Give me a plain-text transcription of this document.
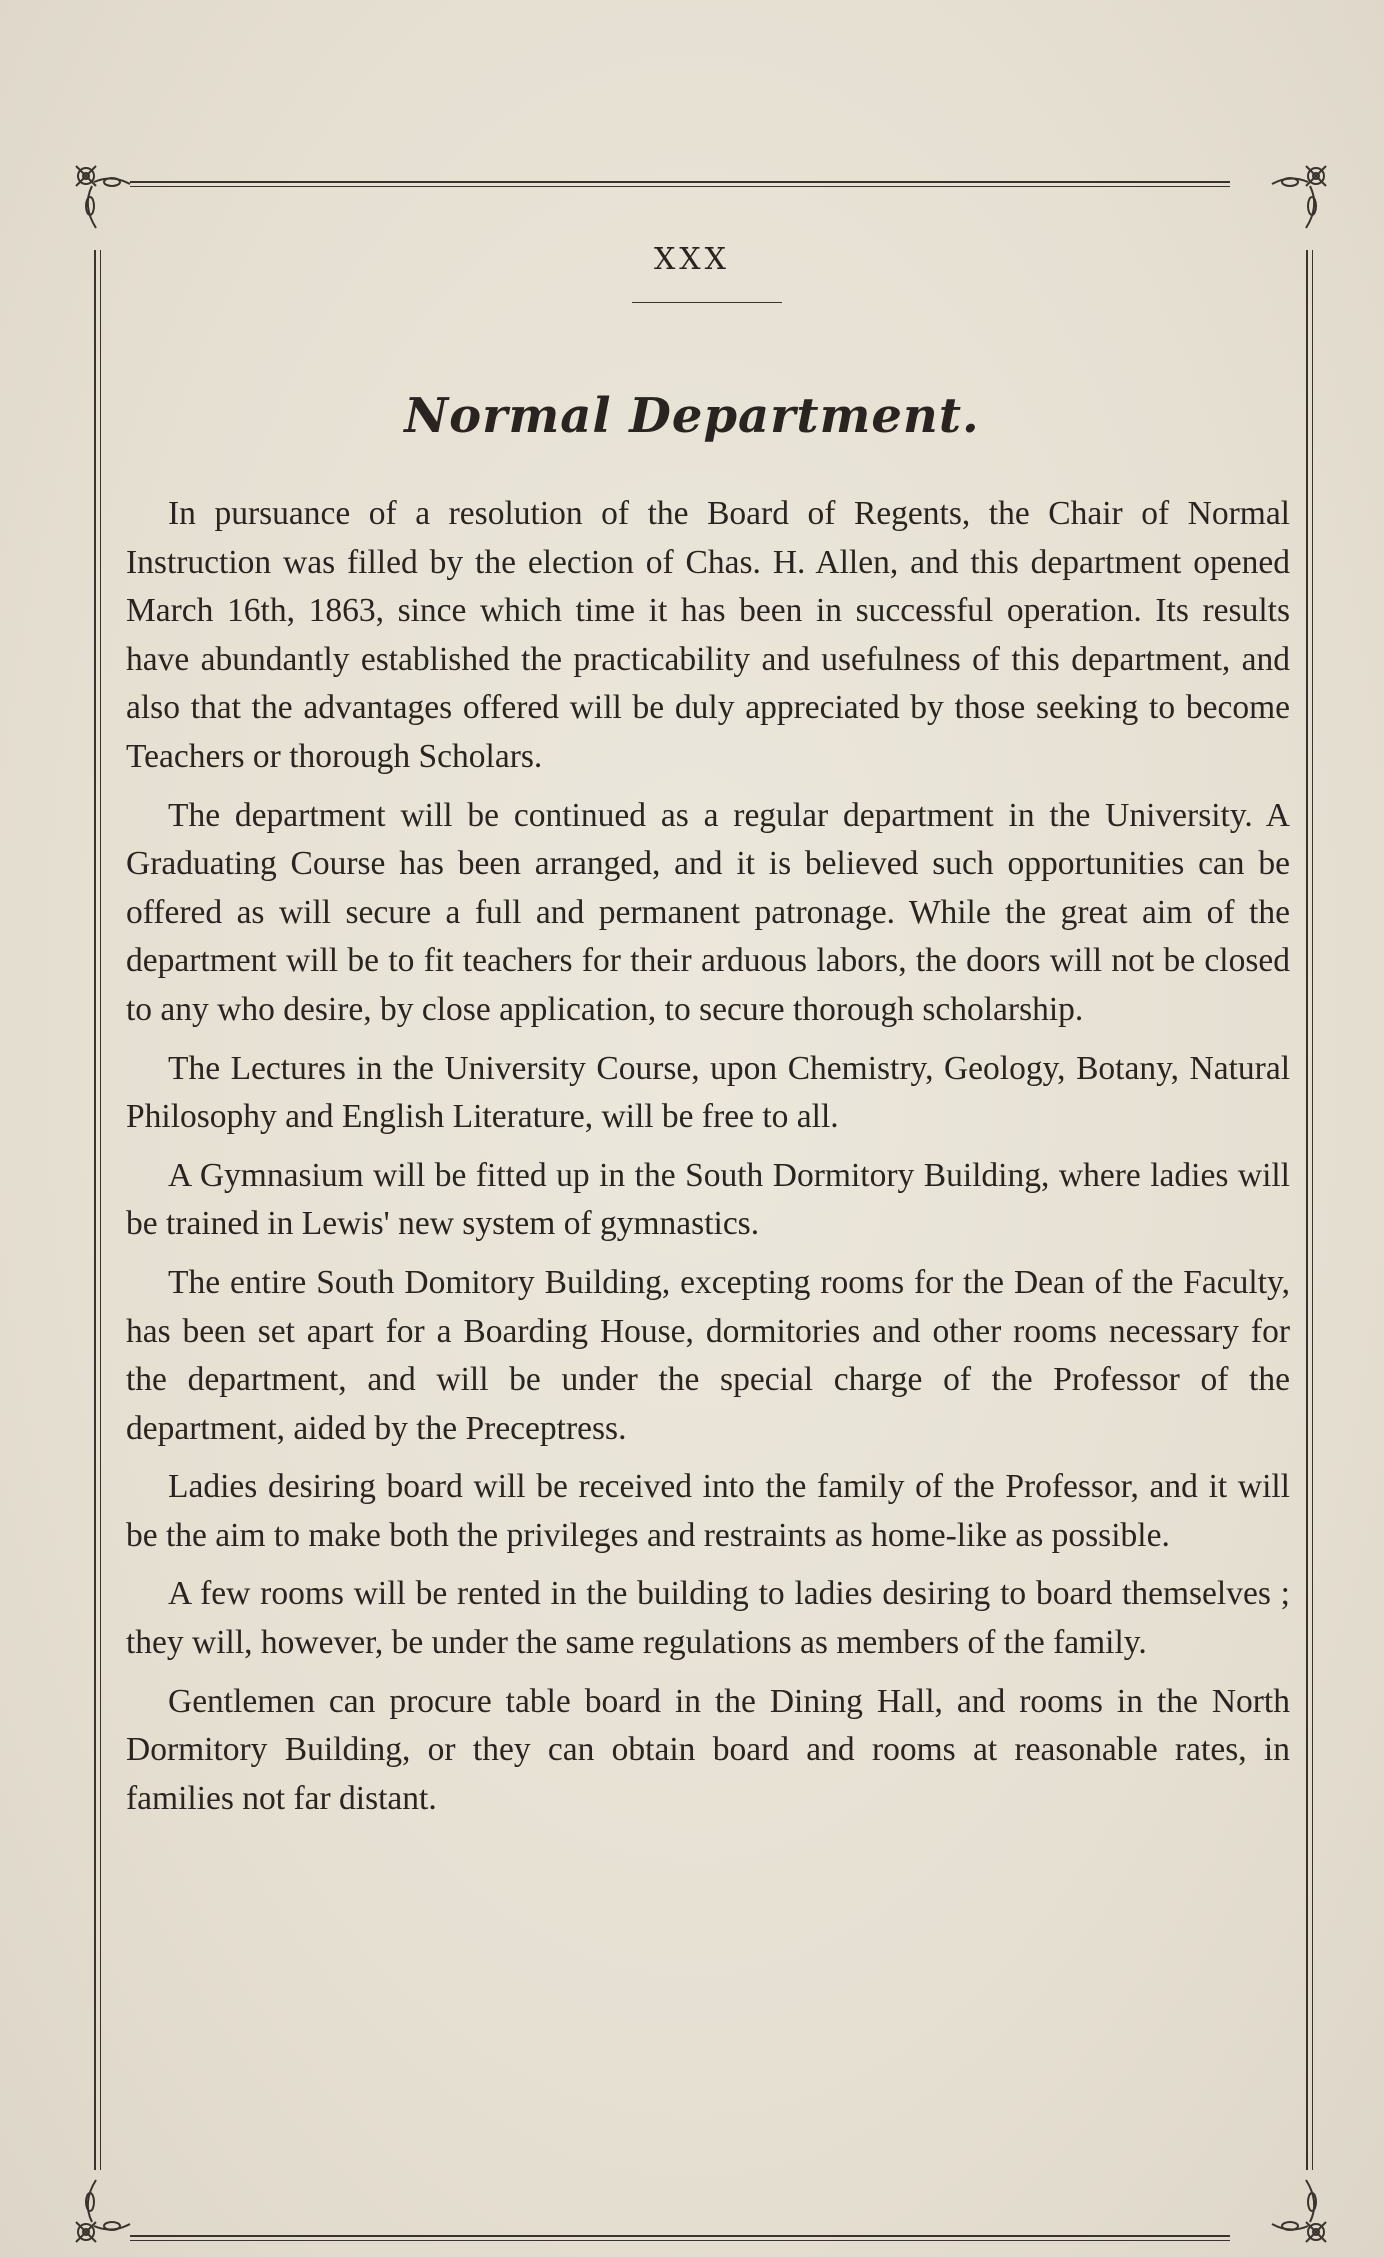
XXX
Normal Department.

In pursuance of a resolution of the Board of Regents, the Chair of Normal Instruction was filled by the election of Chas. H. Allen, and this department opened March 16th, 1863, since which time it has been in successful operation. Its results have abundantly established the practicability and usefulness of this department, and also that the advantages offered will be duly appreciated by those seeking to become Teachers or thorough Scholars.

The department will be continued as a regular department in the University. A Graduating Course has been arranged, and it is believed such opportunities can be offered as will secure a full and permanent patronage. While the great aim of the department will be to fit teachers for their arduous labors, the doors will not be closed to any who desire, by close application, to secure thorough scholarship.

The Lectures in the University Course, upon Chemistry, Geology, Botany, Natural Philosophy and English Literature, will be free to all.

A Gymnasium will be fitted up in the South Dormitory Building, where ladies will be trained in Lewis' new system of gymnastics.

The entire South Domitory Building, excepting rooms for the Dean of the Faculty, has been set apart for a Boarding House, dormitories and other rooms necessary for the department, and will be under the special charge of the Professor of the department, aided by the Preceptress.

Ladies desiring board will be received into the family of the Professor, and it will be the aim to make both the privileges and restraints as home-like as possible.

A few rooms will be rented in the building to ladies desiring to board themselves ; they will, however, be under the same regulations as members of the family.

Gentlemen can procure table board in the Dining Hall, and rooms in the North Dormitory Building, or they can obtain board and rooms at reasonable rates, in families not far distant.
